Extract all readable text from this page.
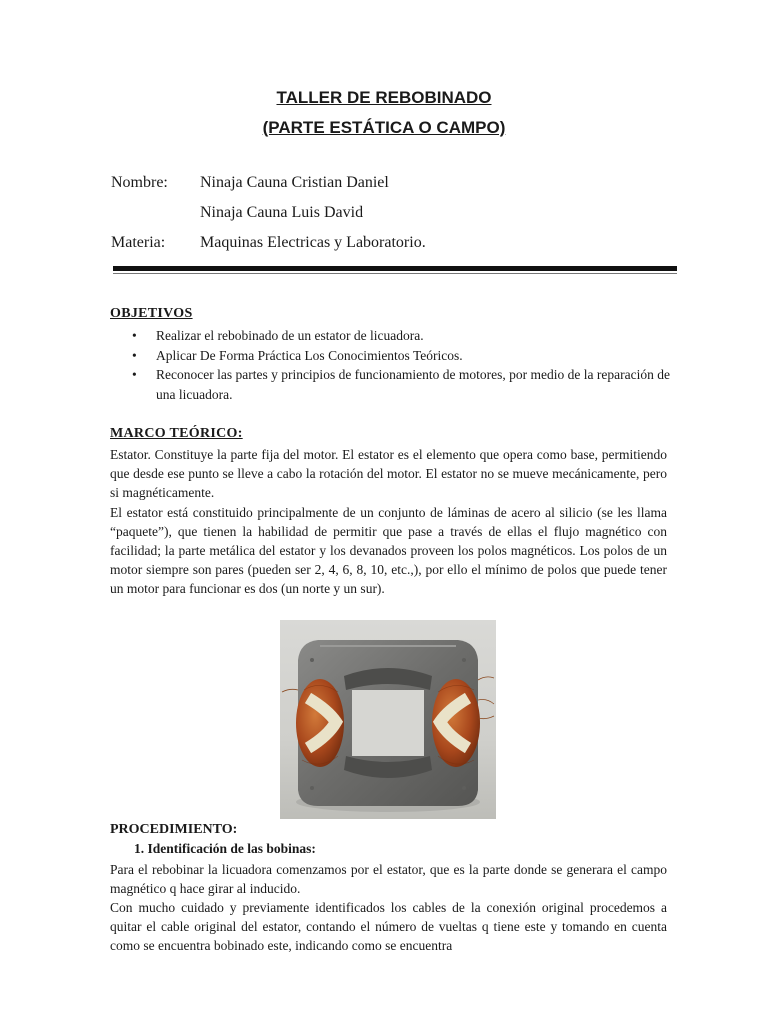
TALLER DE REBOBINADO
(PARTE ESTÁTICA O CAMPO)
Nombre: Ninaja Cauna Cristian Daniel
Ninaja Cauna Luis David
Materia: Maquinas Electricas y Laboratorio.
OBJETIVOS
• Realizar el rebobinado de un estator de licuadora.
• Aplicar De Forma Práctica Los Conocimientos Teóricos.
• Reconocer las partes y principios de funcionamiento de motores, por medio de la reparación de una licuadora.
MARCO TEÓRICO:

Estator. Constituye la parte fija del motor. El estator es el elemento que opera como base, permitiendo que desde ese punto se lleve a cabo la rotación del motor. El estator no se mueve mecánicamente, pero si magnéticamente.

El estator está constituido principalmente de un conjunto de láminas de acero al silicio (se les llama “paquete”), que tienen la habilidad de permitir que pase a través de ellas el flujo magnético con facilidad; la parte metálica del estator y los devanados proveen los polos magnéticos. Los polos de un motor siempre son pares (pueden ser 2, 4, 6, 8, 10, etc.,), por ello el mínimo de polos que puede tener un motor para funcionar es dos (un norte y un sur).

PROCEDIMIENTO:
1. Identificación de las bobinas:

Para el rebobinar la licuadora comenzamos por el estator, que es la parte donde se generara el campo magnético q hace girar al inducido.

Con mucho cuidado y previamente identificados los cables de la conexión original procedemos a quitar el cable original del estator, contando el número de vueltas q tiene este y tomando en cuenta como se encuentra bobinado este, indicando como se encuentra
